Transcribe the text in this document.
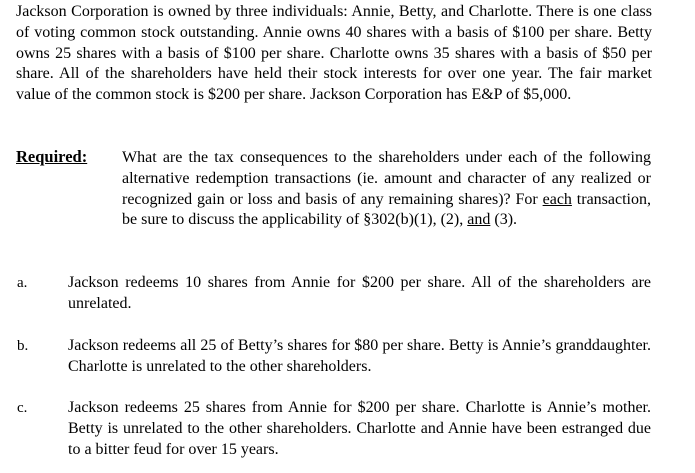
Jackson Corporation is owned by three individuals: Annie, Betty, and Charlotte. There is one class of voting common stock outstanding. Annie owns 40 shares with a basis of $100 per share. Betty owns 25 shares with a basis of $100 per share. Charlotte owns 35 shares with a basis of $50 per share. All of the shareholders have held their stock interests for over one year. The fair market value of the common stock is $200 per share. Jackson Corporation has E&P of $5,000.

Required: What are the tax consequences to the shareholders under each of the following alternative redemption transactions (ie. amount and character of any realized or recognized gain or loss and basis of any remaining shares)? For each transaction, be sure to discuss the applicability of §302(b)(1), (2), and (3).

a.	Jackson redeems 10 shares from Annie for $200 per share. All of the shareholders are unrelated.

b. Jackson redeems all 25 of Betty’s shares for $80 per share. Betty is Annie’s granddaughter. Charlotte is unrelated to the other shareholders.

c.	Jackson redeems 25 shares from Annie for $200 per share. Charlotte is Annie’s mother. Betty is unrelated to the other shareholders. Charlotte and Annie have been estranged due to a bitter feud for over 15 years.
